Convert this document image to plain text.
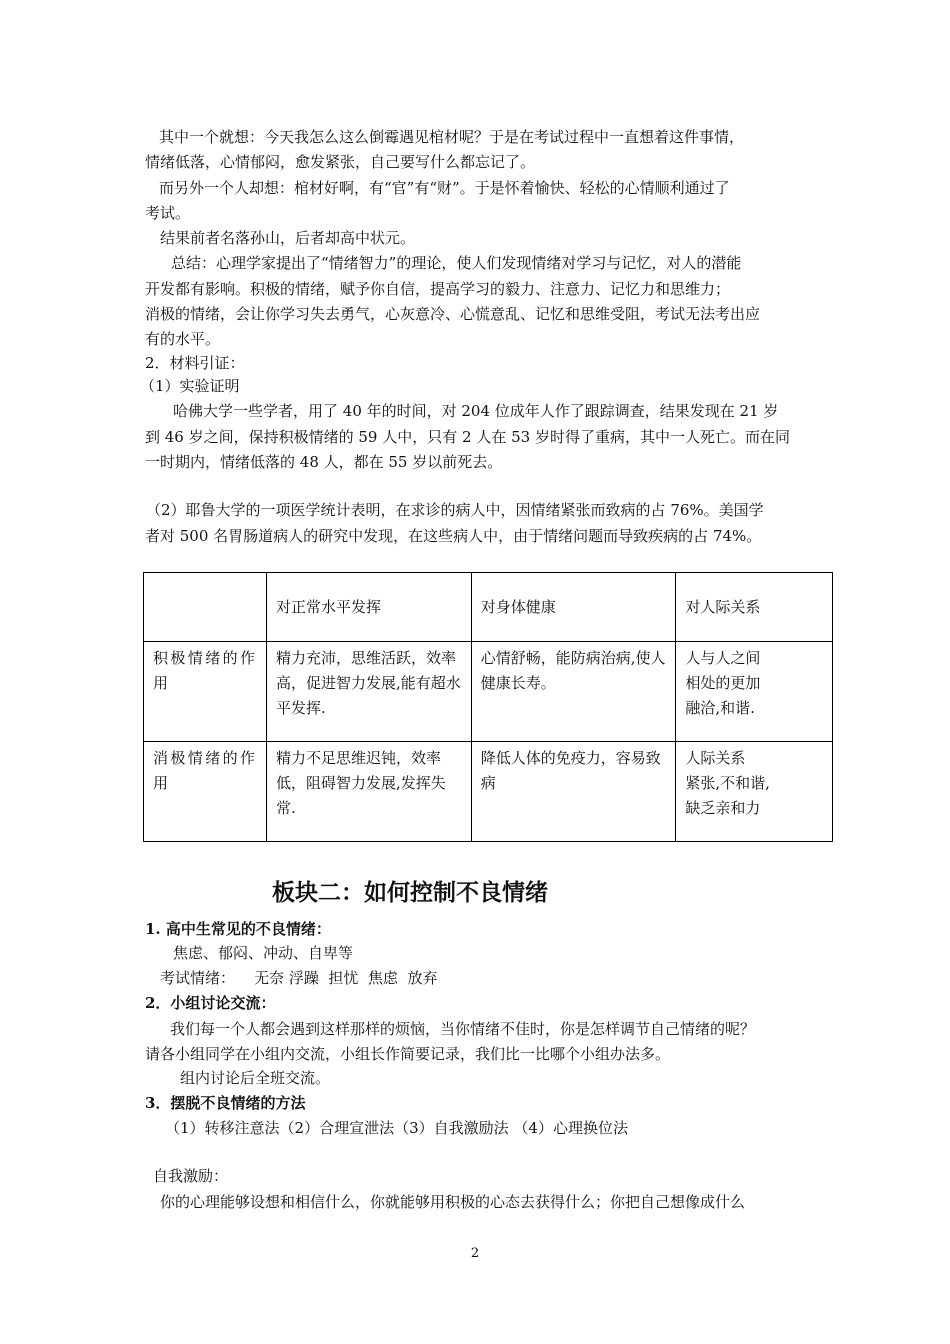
其中一个就想：今天我怎么这么倒霉遇见棺材呢？于是在考试过程中一直想着这件事情，
情绪低落，心情郁闷，愈发紧张，自己要写什么都忘记了。
而另外一个人却想：棺材好啊，有“官”有“财”。于是怀着愉快、轻松的心情顺利通过了
考试。
结果前者名落孙山，后者却高中状元。
总结：心理学家提出了“情绪智力”的理论，使人们发现情绪对学习与记忆，对人的潜能
开发都有影响。积极的情绪，赋予你自信，提高学习的毅力、注意力、记忆力和思维力；
消极的情绪，会让你学习失去勇气，心灰意冷、心慌意乱、记忆和思维受阻，考试无法考出应
有的水平。
2．材料引证：
（1）实验证明
哈佛大学一些学者，用了 40 年的时间，对 204 位成年人作了跟踪调查，结果发现在 21 岁
到 46 岁之间，保持积极情绪的 59 人中，只有 2 人在 53 岁时得了重病，其中一人死亡。而在同
一时期内，情绪低落的 48 人，都在 55 岁以前死去。
（2）耶鲁大学的一项医学统计表明，在求诊的病人中，因情绪紧张而致病的占 76%。美国学
者对 500 名胃肠道病人的研究中发现，在这些病人中，由于情绪问题而导致疾病的占 74%。
	对正常水平发挥	对身体健康	对人际关系
积极情绪的作用	精力充沛，思维活跃，效率高，促进智力发展,能有超水平发挥.	心情舒畅，能防病治病,使人健康长寿。	人与人之间
相处的更加
融洽,和谐.
消极情绪的作用	精力不足思维迟钝，效率低，阻碍智力发展,发挥失常.	降低人体的免疫力，容易致病	人际关系
紧张,不和谐,
缺乏亲和力
板块二：如何控制不良情绪
1. 高中生常见的不良情绪：
焦虑、郁闷、冲动、自卑等
考试情绪：    无奈 浮躁  担忧  焦虑  放弃
2．小组讨论交流：
我们每一个人都会遇到这样那样的烦恼，当你情绪不佳时，你是怎样调节自己情绪的呢？
请各小组同学在小组内交流，小组长作简要记录，我们比一比哪个小组办法多。
组内讨论后全班交流。
3．摆脱不良情绪的方法
（1）转移注意法（2）合理宣泄法（3）自我激励法 （4）心理换位法
自我激励：
你的心理能够设想和相信什么，你就能够用积极的心态去获得什么；你把自己想像成什么
2
